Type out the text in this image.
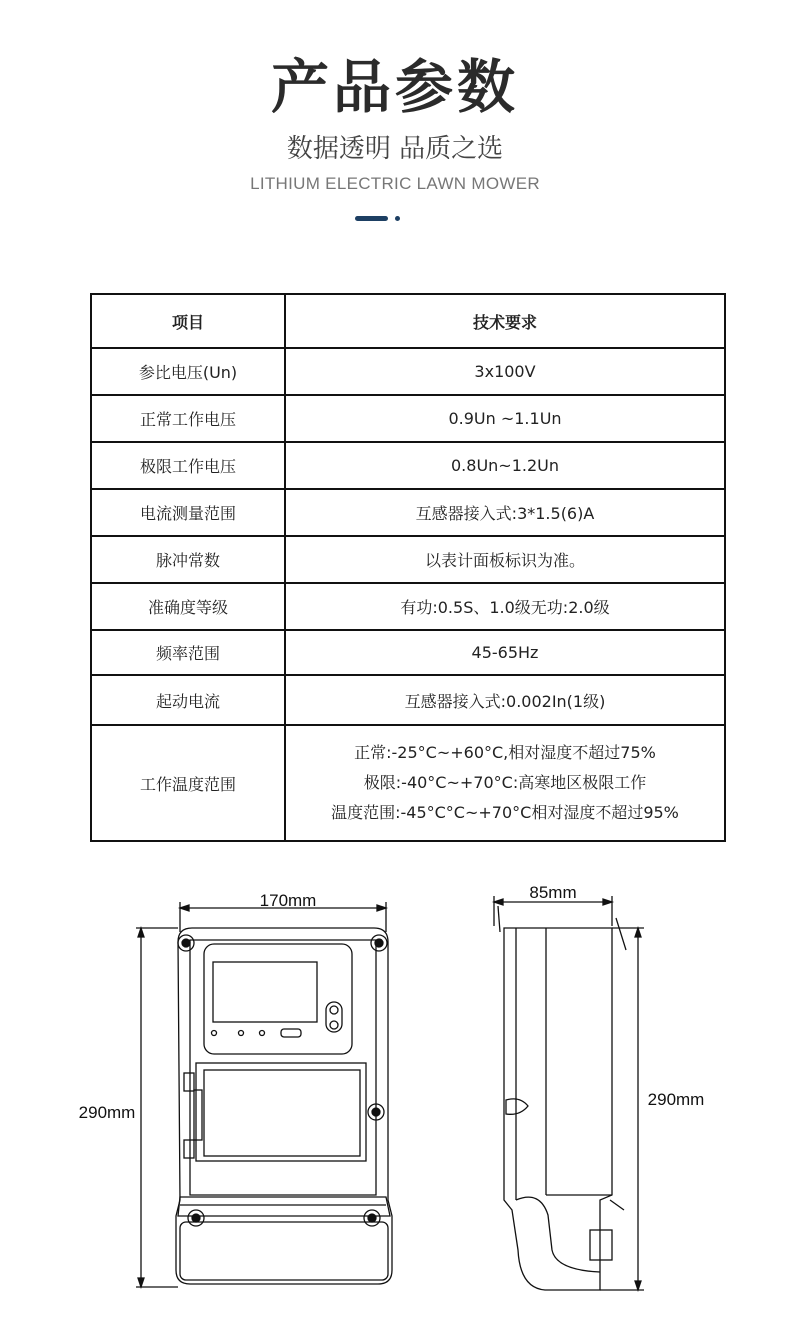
产品参数
数据透明 品质之选
LITHIUM ELECTRIC LAWN MOWER
项目	技术要求
参比电压(Un)	3x100V
正常工作电压	0.9Un ~1.1Un
极限工作电压	0.8Un~1.2Un
电流测量范围	互感器接入式:3*1.5(6)A
脉冲常数	以表计面板标识为准。
准确度等级	有功:0.5S、1.0级无功:2.0级
频率范围	45-65Hz
起动电流	互感器接入式:0.002In(1级)
工作温度范围	正常:-25°C~+60°C,相对湿度不超过75%
极限:-40°C~+70°C:高寒地区极限工作
温度范围:-45°C°C~+70°C相对湿度不超过95%
170mm
290mm
85mm
290mm
